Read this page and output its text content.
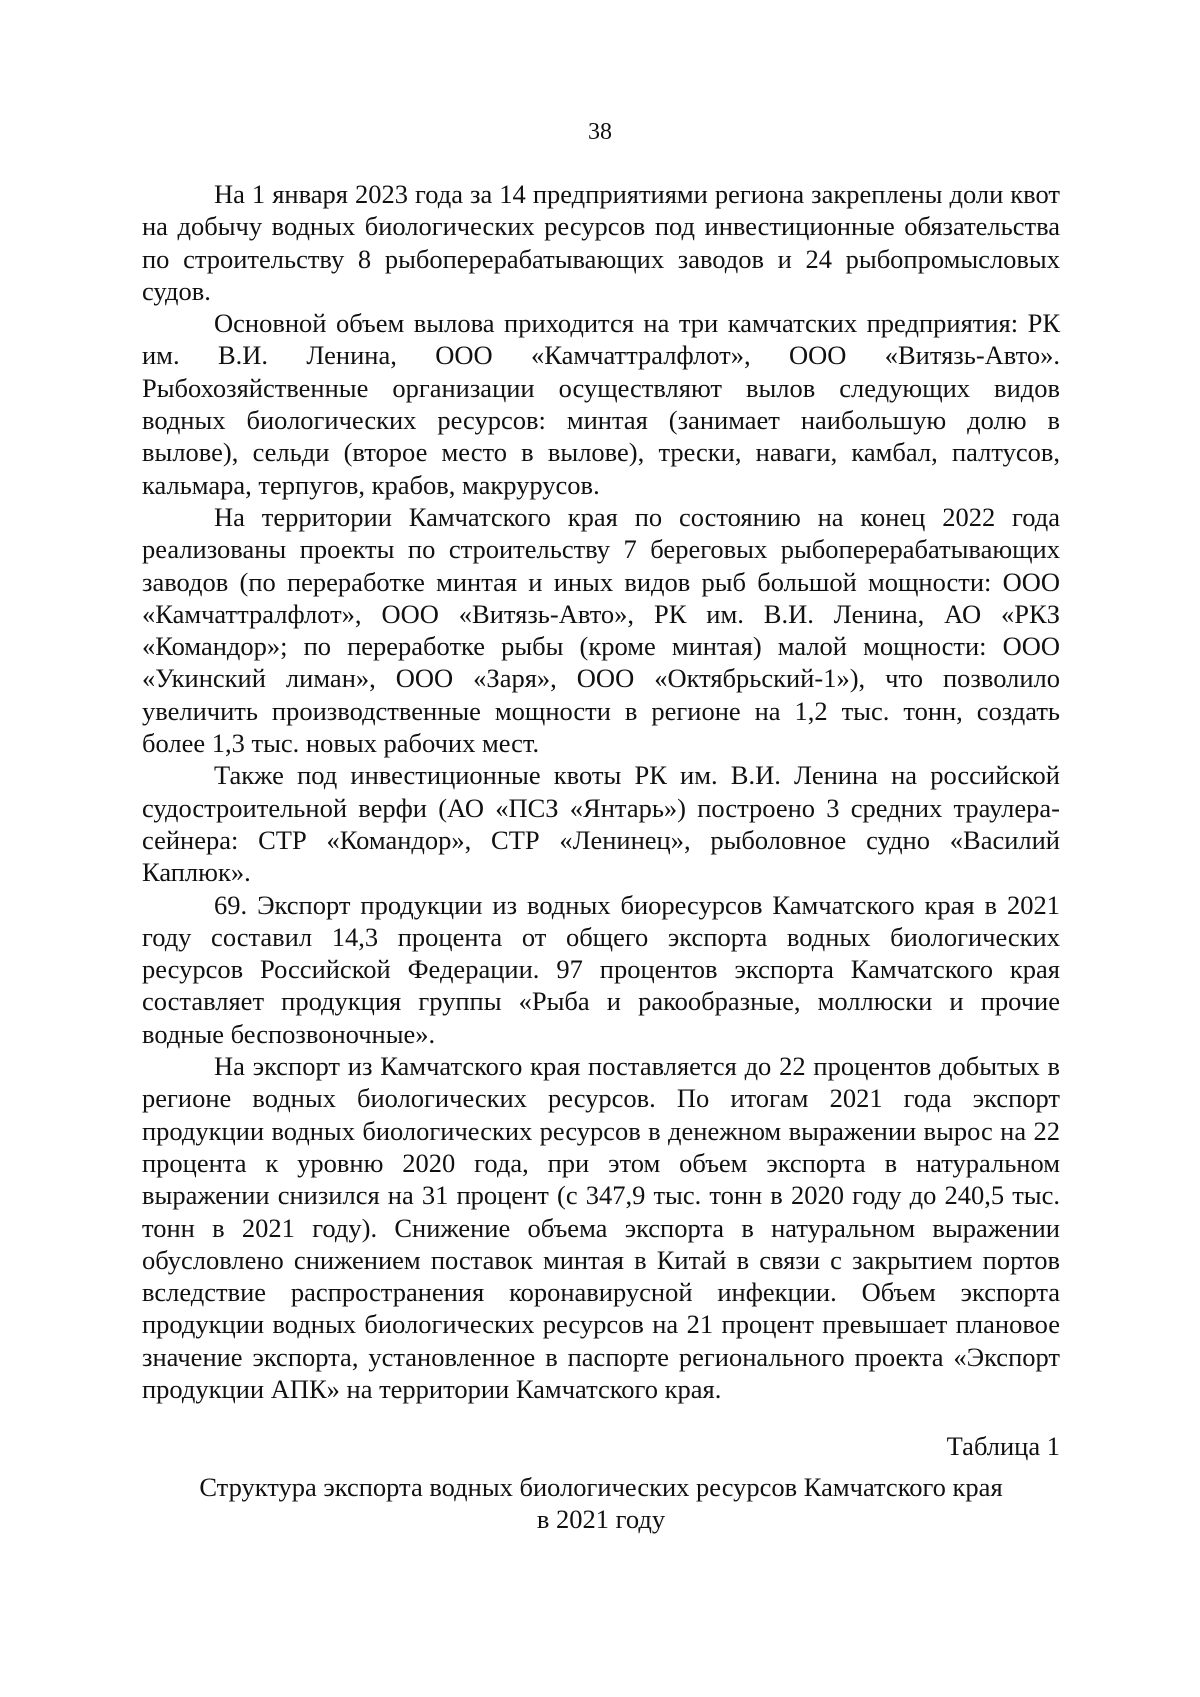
38

На 1 января 2023 года за 14 предприятиями региона закреплены доли квот на добычу водных биологических ресурсов под инвестиционные обязательства по строительству 8 рыбоперерабатывающих заводов и 24 рыбопромысловых судов.

Основной объем вылова приходится на три камчатских предприятия: РК им. В.И. Ленина, ООО «Камчаттралфлот», ООО «Витязь-Авто». Рыбохозяйственные организации осуществляют вылов следующих видов водных биологических ресурсов: минтая (занимает наибольшую долю в вылове), сельди (второе место в вылове), трески, наваги, камбал, палтусов, кальмара, терпугов, крабов, макрурусов.

На территории Камчатского края по состоянию на конец 2022 года реализованы проекты по строительству 7 береговых рыбоперерабатывающих заводов (по переработке минтая и иных видов рыб большой мощности: ООО «Камчаттралфлот», ООО «Витязь-Авто», РК им. В.И. Ленина, АО «РКЗ «Командор»; по переработке рыбы (кроме минтая) малой мощности: ООО «Укинский лиман», ООО «Заря», ООО «Октябрьский-1»), что позволило увеличить производственные мощности в регионе на 1,2 тыс. тонн, создать более 1,3 тыс. новых рабочих мест.

Также под инвестиционные квоты РК им. В.И. Ленина на российской судостроительной верфи (АО «ПСЗ «Янтарь») построено 3 средних траулера-сейнера: СТР «Командор», СТР «Ленинец», рыболовное судно «Василий Каплюк».

69. Экспорт продукции из водных биоресурсов Камчатского края в 2021 году составил 14,3 процента от общего экспорта водных биологических ресурсов Российской Федерации. 97 процентов экспорта Камчатского края составляет продукция группы «Рыба и ракообразные, моллюски и прочие водные беспозвоночные».

На экспорт из Камчатского края поставляется до 22 процентов добытых в регионе водных биологических ресурсов. По итогам 2021 года экспорт продукции водных биологических ресурсов в денежном выражении вырос на 22 процента к уровню 2020 года, при этом объем экспорта в натуральном выражении снизился на 31 процент (с 347,9 тыс. тонн в 2020 году до 240,5 тыс. тонн в 2021 году). Снижение объема экспорта в натуральном выражении обусловлено снижением поставок минтая в Китай в связи с закрытием портов вследствие распространения коронавирусной инфекции. Объем экспорта продукции водных биологических ресурсов на 21 процент превышает плановое значение экспорта, установленное в паспорте регионального проекта «Экспорт продукции АПК» на территории Камчатского края.

Таблица 1
Структура экспорта водных биологических ресурсов Камчатского края
в 2021 году
